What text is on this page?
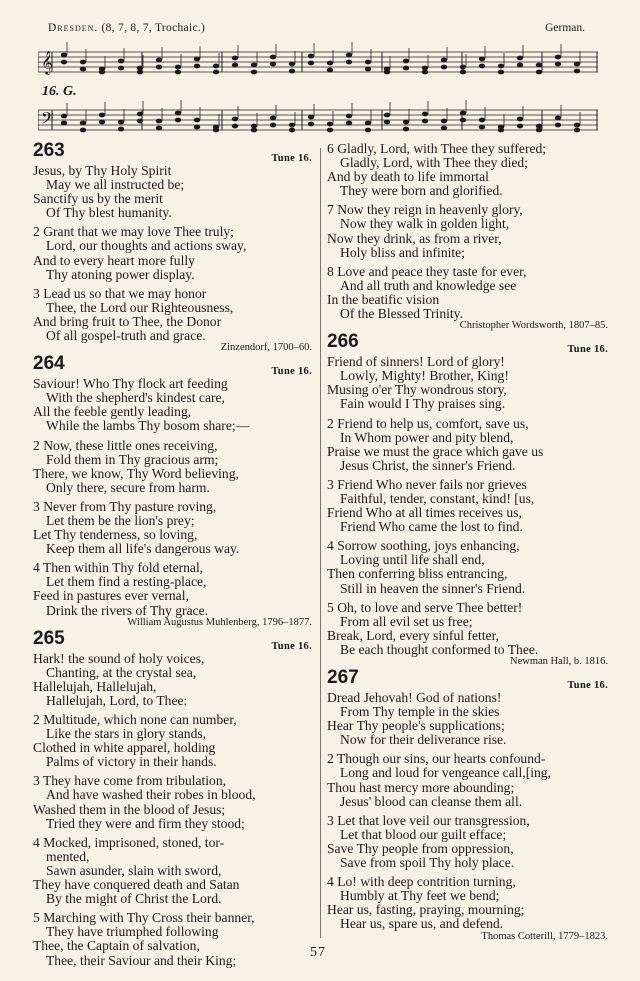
Dresden. (8, 7, 8, 7, Trochaic.)	German.
𝄞
𝄢
16. G.
263	Tune 16.
Jesus, by Thy Holy Spirit
May we all instructed be;
Sanctify us by the merit
Of Thy blest humanity.
2 Grant that we may love Thee truly;
Lord, our thoughts and actions sway,
And to every heart more fully
Thy atoning power display.
3 Lead us so that we may honor
Thee, the Lord our Righteousness,
And bring fruit to Thee, the Donor
Of all gospel-truth and grace.
Zinzendorf, 1700–60.
264	Tune 16.
Saviour! Who Thy flock art feeding
With the shepherd's kindest care,
All the feeble gently leading,
While the lambs Thy bosom share;—
2 Now, these little ones receiving,
Fold them in Thy gracious arm;
There, we know, Thy Word believing,
Only there, secure from harm.
3 Never from Thy pasture roving,
Let them be the lion's prey;
Let Thy tenderness, so loving,
Keep them all life's dangerous way.
4 Then within Thy fold eternal,
Let them find a resting-place,
Feed in pastures ever vernal,
Drink the rivers of Thy grace.
William Augustus Muhlenberg, 1796–1877.
265	Tune 16.
Hark! the sound of holy voices,
Chanting, at the crystal sea,
Hallelujah, Hallelujah,
Hallelujah, Lord, to Thee:
2 Multitude, which none can number,
Like the stars in glory stands,
Clothed in white apparel, holding
Palms of victory in their hands.
3 They have come from tribulation,
And have washed their robes in blood,
Washed them in the blood of Jesus;
Tried they were and firm they stood;
4 Mocked, imprisoned, stoned, tor-
mented,
Sawn asunder, slain with sword,
They have conquered death and Satan
By the might of Christ the Lord.
5 Marching with Thy Cross their banner,
They have triumphed following
Thee, the Captain of salvation,
Thee, their Saviour and their King;
6 Gladly, Lord, with Thee they suffered;
Gladly, Lord, with Thee they died;
And by death to life immortal
They were born and glorified.
7 Now they reign in heavenly glory,
Now they walk in golden light,
Now they drink, as from a river,
Holy bliss and infinite;
8 Love and peace they taste for ever,
And all truth and knowledge see
In the beatific vision
Of the Blessed Trinity.
Christopher Wordsworth, 1807–85.
266	Tune 16.
Friend of sinners! Lord of glory!
Lowly, Mighty! Brother, King!
Musing o'er Thy wondrous story,
Fain would I Thy praises sing.
2 Friend to help us, comfort, save us,
In Whom power and pity blend,
Praise we must the grace which gave us
Jesus Christ, the sinner's Friend.
3 Friend Who never fails nor grieves
Faithful, tender, constant, kind! [us,
Friend Who at all times receives us,
Friend Who came the lost to find.
4 Sorrow soothing, joys enhancing,
Loving until life shall end,
Then conferring bliss entrancing,
Still in heaven the sinner's Friend.
5 Oh, to love and serve Thee better!
From all evil set us free;
Break, Lord, every sinful fetter,
Be each thought conformed to Thee.
Newman Hall, b. 1816.
267	Tune 16.
Dread Jehovah! God of nations!
From Thy temple in the skies
Hear Thy people's supplications;
Now for their deliverance rise.
2 Though our sins, our hearts confound-
Long and loud for vengeance call,[ing,
Thou hast mercy more abounding;
Jesus' blood can cleanse them all.
3 Let that love veil our transgression,
Let that blood our guilt efface;
Save Thy people from oppression,
Save from spoil Thy holy place.
4 Lo! with deep contrition turning,
Humbly at Thy feet we bend;
Hear us, fasting, praying, mourning;
Hear us, spare us, and defend.
Thomas Cotterill, 1779–1823.
57
